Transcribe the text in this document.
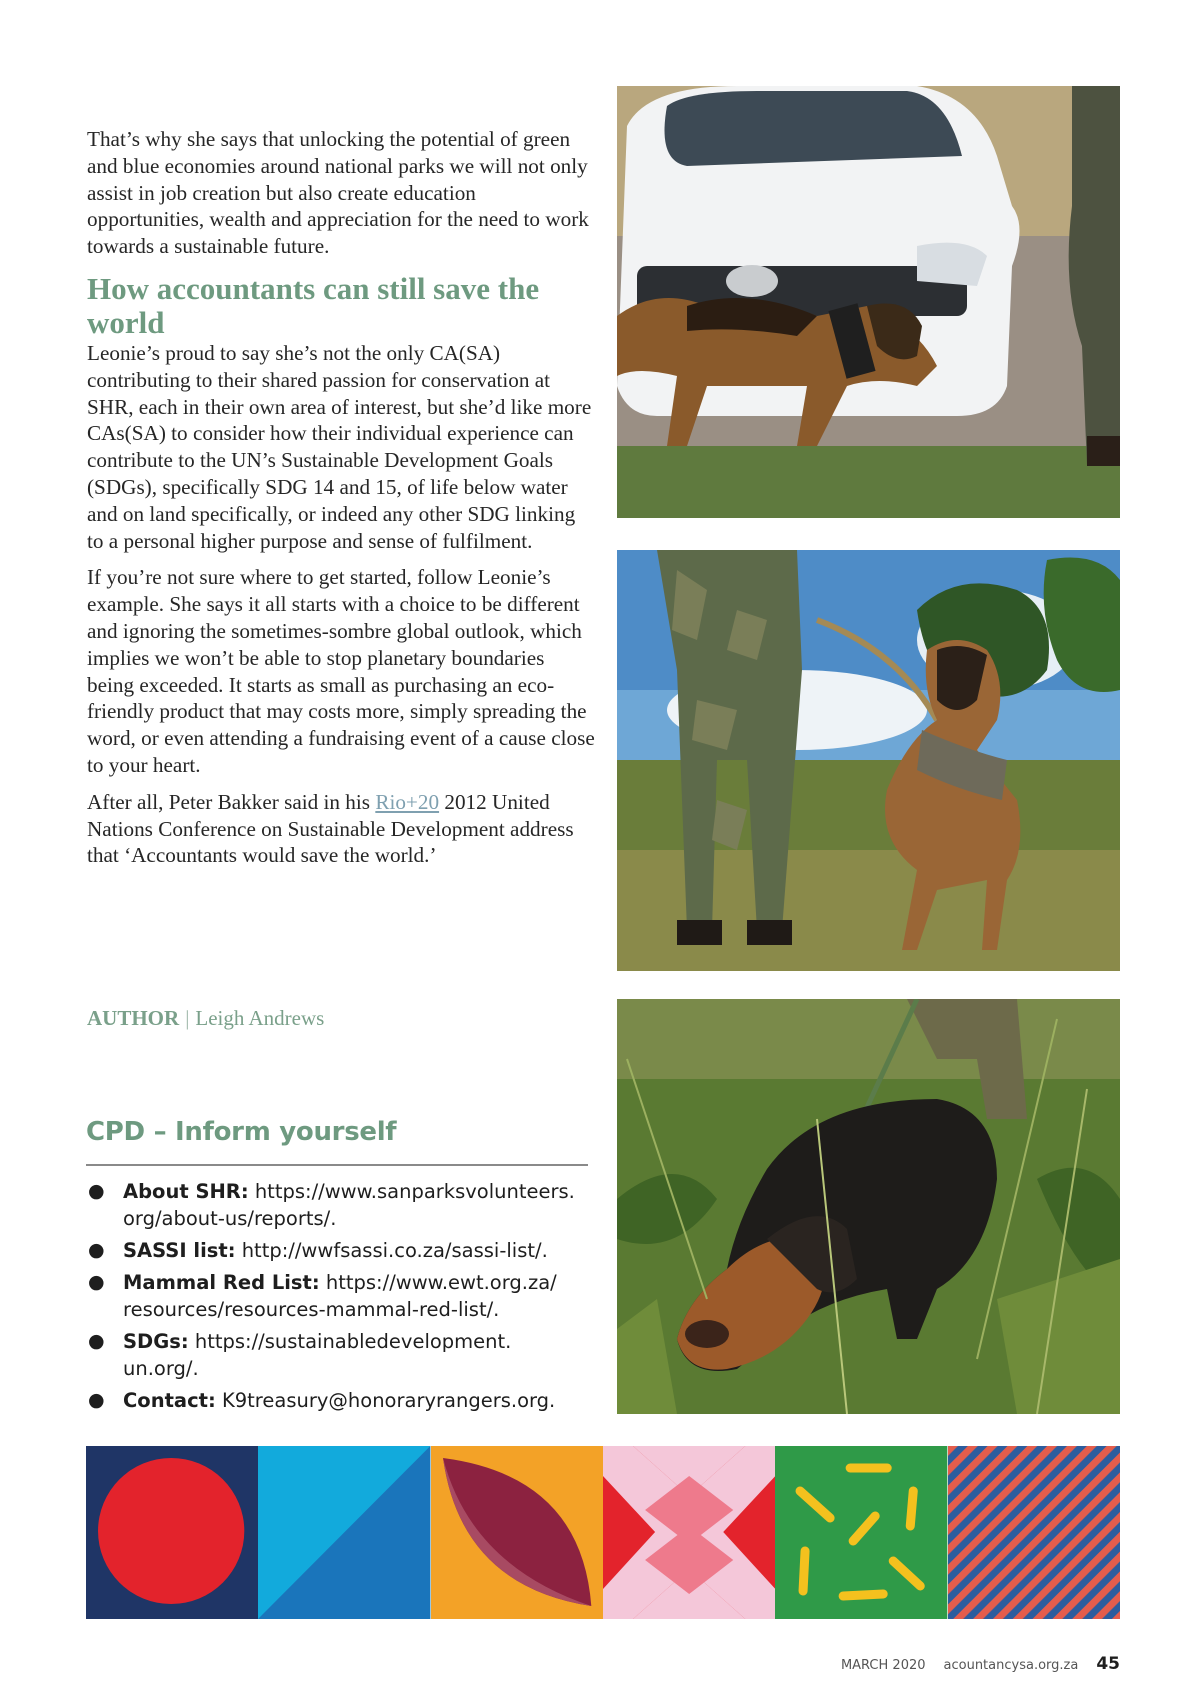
That’s why she says that unlocking the potential of green and blue economies around national parks we will not only assist in job creation but also create education opportunities, wealth and appreciation for the need to work towards a sustainable future.

How accountants can still save the world

Leonie’s proud to say she’s not the only CA(SA) contributing to their shared passion for conservation at SHR, each in their own area of interest, but she’d like more CAs(SA) to consider how their individual experience can contribute to the UN’s Sustainable Development Goals (SDGs), specifically SDG 14 and 15, of life below water and on land specifically, or indeed any other SDG linking to a personal higher purpose and sense of fulfilment.

If you’re not sure where to get started, follow Leonie’s example. She says it all starts with a choice to be different and ignoring the sometimes-sombre global outlook, which implies we won’t be able to stop planetary boundaries being exceeded. It starts as small as purchasing an eco-friendly product that may costs more, simply spreading the word, or even attending a fundraising event of a cause close to your heart.

After all, Peter Bakker said in his Rio+20 2012 United Nations Conference on Sustainable Development address that ‘Accountants would save the world.’

AUTHOR | Leigh Andrews
CPD – Inform yourself
● About SHR: https://www.sanparksvolunteers.
org/about-us/reports/.
● SASSI list: http://wwfsassi.co.za/sassi-list/.
● Mammal Red List: https://www.ewt.org.za/
resources/resources-mammal-red-list/.
● SDGs: https://sustainabledevelopment.
un.org/.
● Contact: K9treasury@honoraryrangers.org.
MARCH 2020 acountancysa.org.za 45
